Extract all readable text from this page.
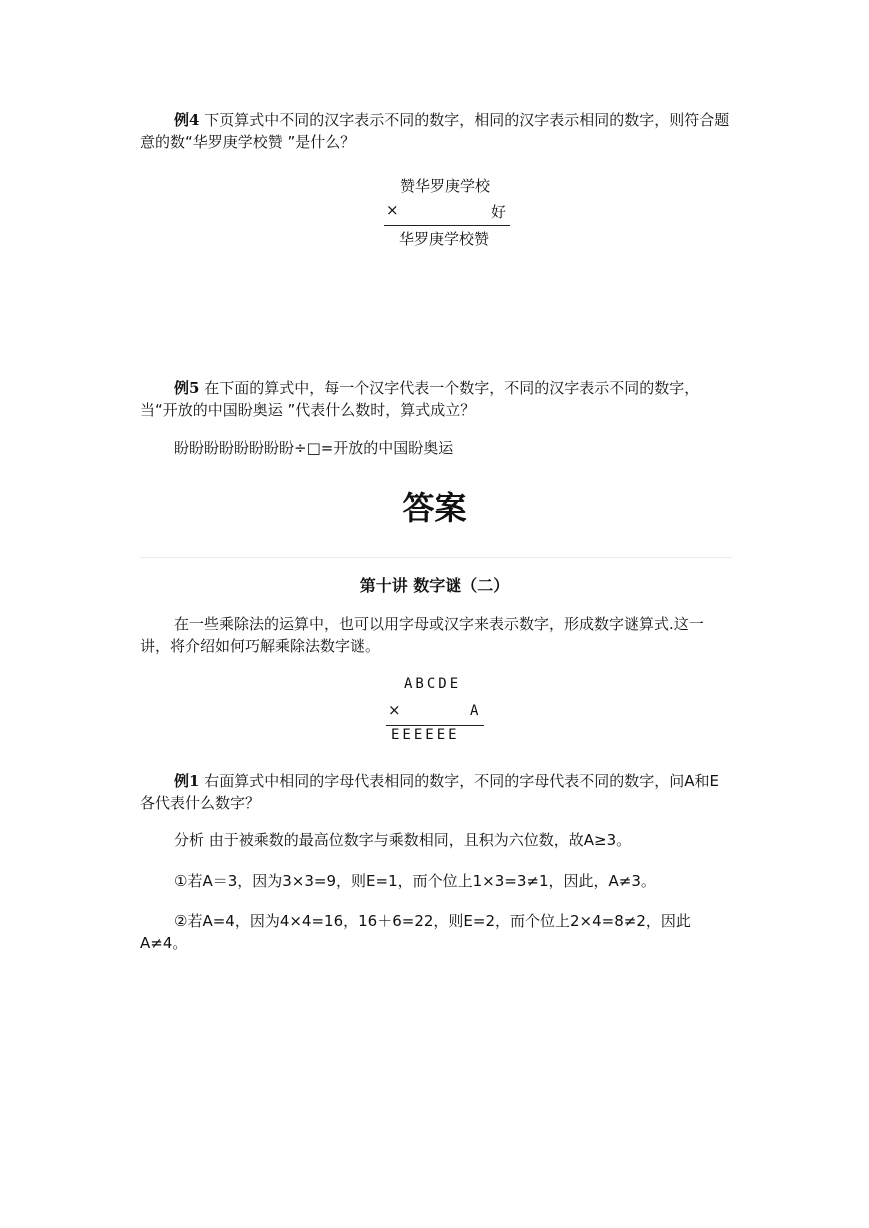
例4 下页算式中不同的汉字表示不同的数字，相同的汉字表示相同的数字，则符合题意的数“华罗庚学校赞 ”是什么？
赞华罗庚学校
×	好
华罗庚学校赞
例5 在下面的算式中，每一个汉字代表一个数字，不同的汉字表示不同的数字，当“开放的中国盼奥运 ”代表什么数时，算式成立？
盼盼盼盼盼盼盼盼÷□=开放的中国盼奥运
答案
第十讲 数字谜（二）
在一些乘除法的运算中，也可以用字母或汉字来表示数字，形成数字谜算式.这一讲，将介绍如何巧解乘除法数字谜。
ABCDE
×	A
EEEEEE
例1 右面算式中相同的字母代表相同的数字，不同的字母代表不同的数字，问A和E各代表什么数字？
分析 由于被乘数的最高位数字与乘数相同，且积为六位数，故A≥3。
①若A＝3，因为3×3=9，则E=1，而个位上1×3=3≠1，因此，A≠3。
②若A=4，因为4×4=16，16＋6=22，则E=2，而个位上2×4=8≠2，因此A≠4。
